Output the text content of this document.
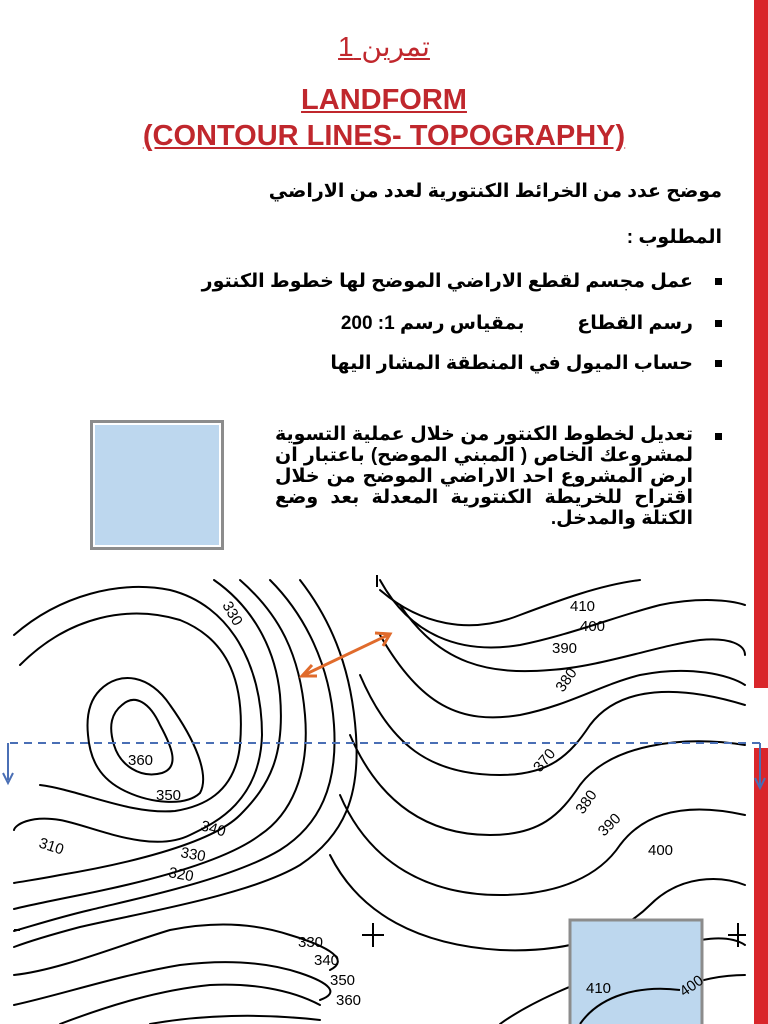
تمرين 1
LANDFORM
(CONTOUR LINES- TOPOGRAPHY)
موضح عدد من الخرائط الكنتورية لعدد من الاراضي
المطلوب :
عمل مجسم لقطع الاراضي الموضح لها خطوط الكنتور
رسم القطاع          بمقياس رسم 1: 200
حساب الميول في المنطقة المشار اليها
تعديل لخطوط الكنتور من خلال عملية التسوية لمشروعك الخاص ( المبني الموضح) باعتبار ان ارض المشروع احد الاراضي الموضح من خلال اقتراح للخريطة الكنتورية المعدلة بعد وضع الكتلة والمدخل.
330	410
400
390
380
360	370
350
340
310	330
320
380
390
400
330
340
350
360
410	400
